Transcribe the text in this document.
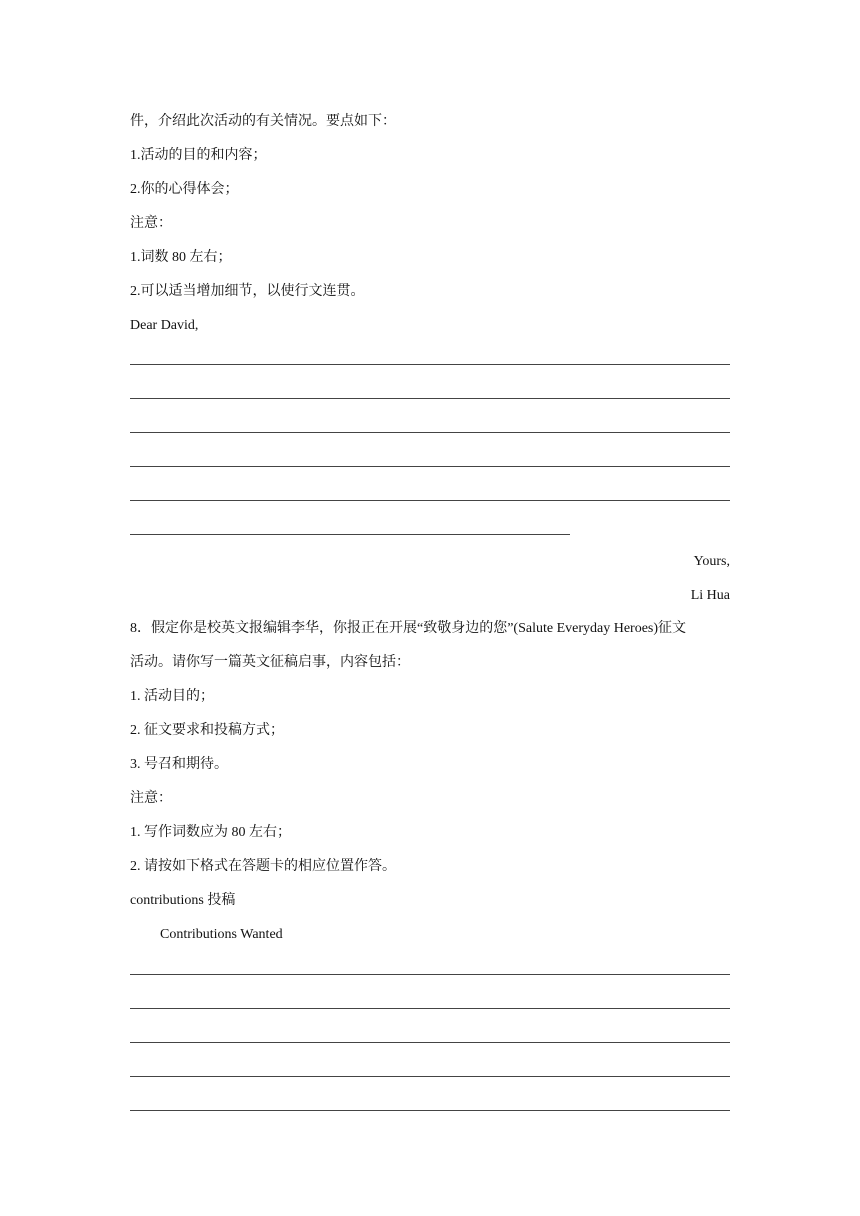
件，介绍此次活动的有关情况。要点如下：
1.活动的目的和内容；
2.你的心得体会；
注意：
1.词数 80 左右；
2.可以适当增加细节，以使行文连贯。
Dear David,
Yours,
Li Hua
8．假定你是校英文报编辑李华，你报正在开展“致敬身边的您”(Salute Everyday Heroes)征文
活动。请你写一篇英文征稿启事，内容包括：
1. 活动目的；
2. 征文要求和投稿方式；
3. 号召和期待。
注意：
1. 写作词数应为 80 左右；
2. 请按如下格式在答题卡的相应位置作答。
contributions 投稿
Contributions Wanted
